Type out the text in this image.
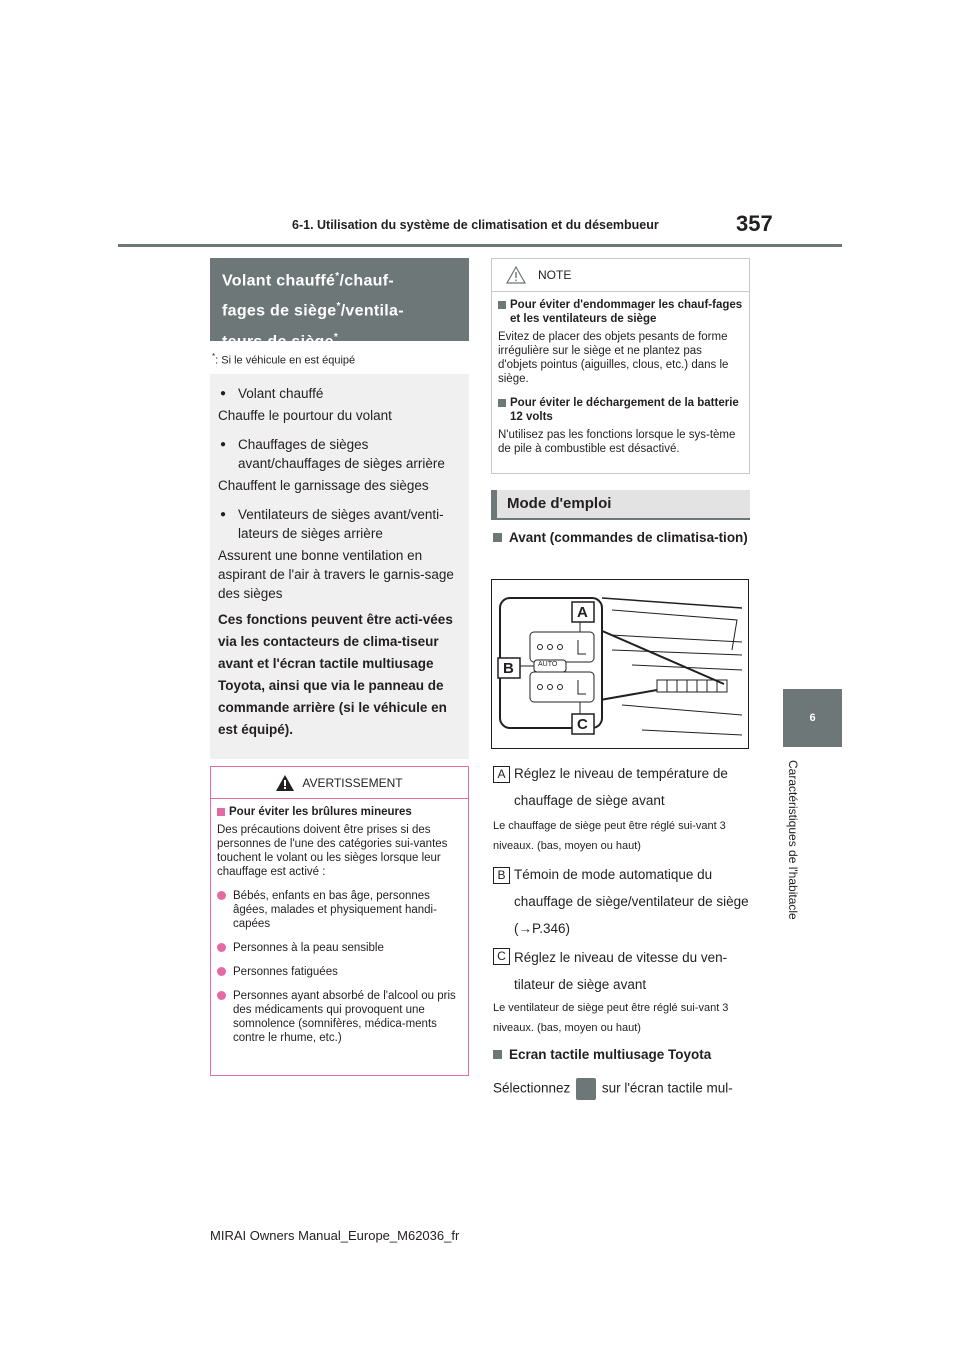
6-1. Utilisation du système de climatisation et du désembueur	357
6
Caractéristiques de l'habitacle
Volant chauffé*/chauf-
fages de siège*/ventila-
teurs de siège*
*: Si le véhicule en est équipé
● Volant chauffé
Chauffe le pourtour du volant
● Chauffages de sièges avant/chauffages de sièges arrière
Chauffent le garnissage des sièges
● Ventilateurs de sièges avant/venti-lateurs de sièges arrière
Assurent une bonne ventilation en aspirant de l'air à travers le garnis-sage des sièges
Ces fonctions peuvent être acti-vées via les contacteurs de clima-tiseur avant et l'écran tactile multiusage Toyota, ainsi que via le panneau de commande arrière (si le véhicule en est équipé).
AVERTISSEMENT
Pour éviter les brûlures mineures
Des précautions doivent être prises si des personnes de l'une des catégories sui-vantes touchent le volant ou les sièges lorsque leur chauffage est activé :
Bébés, enfants en bas âge, personnes âgées, malades et physiquement handi-capées
Personnes à la peau sensible
Personnes fatiguées
Personnes ayant absorbé de l'alcool ou pris des médicaments qui provoquent une somnolence (somnifères, médica-ments contre le rhume, etc.)
NOTE
Pour éviter d'endommager les chauf-fages et les ventilateurs de siège
Evitez de placer des objets pesants de forme irrégulière sur le siège et ne plantez pas d'objets pointus (aiguilles, clous, etc.) dans le siège.
Pour éviter le déchargement de la batterie 12 volts
N'utilisez pas les fonctions lorsque le sys-tème de pile à combustible est désactivé.
Mode d'emploi
Avant (commandes de climatisa-tion)
A
B
C
AUTO
A Réglez le niveau de température de chauffage de siège avant
Le chauffage de siège peut être réglé sui-vant 3 niveaux. (bas, moyen ou haut)
B Témoin de mode automatique du chauffage de siège/ventilateur de siège (→P.346)
C Réglez le niveau de vitesse du ven-tilateur de siège avant
Le ventilateur de siège peut être réglé sui-vant 3 niveaux. (bas, moyen ou haut)
Ecran tactile multiusage Toyota
Sélectionnez sur l'écran tactile mul-
MIRAI Owners Manual_Europe_M62036_fr
